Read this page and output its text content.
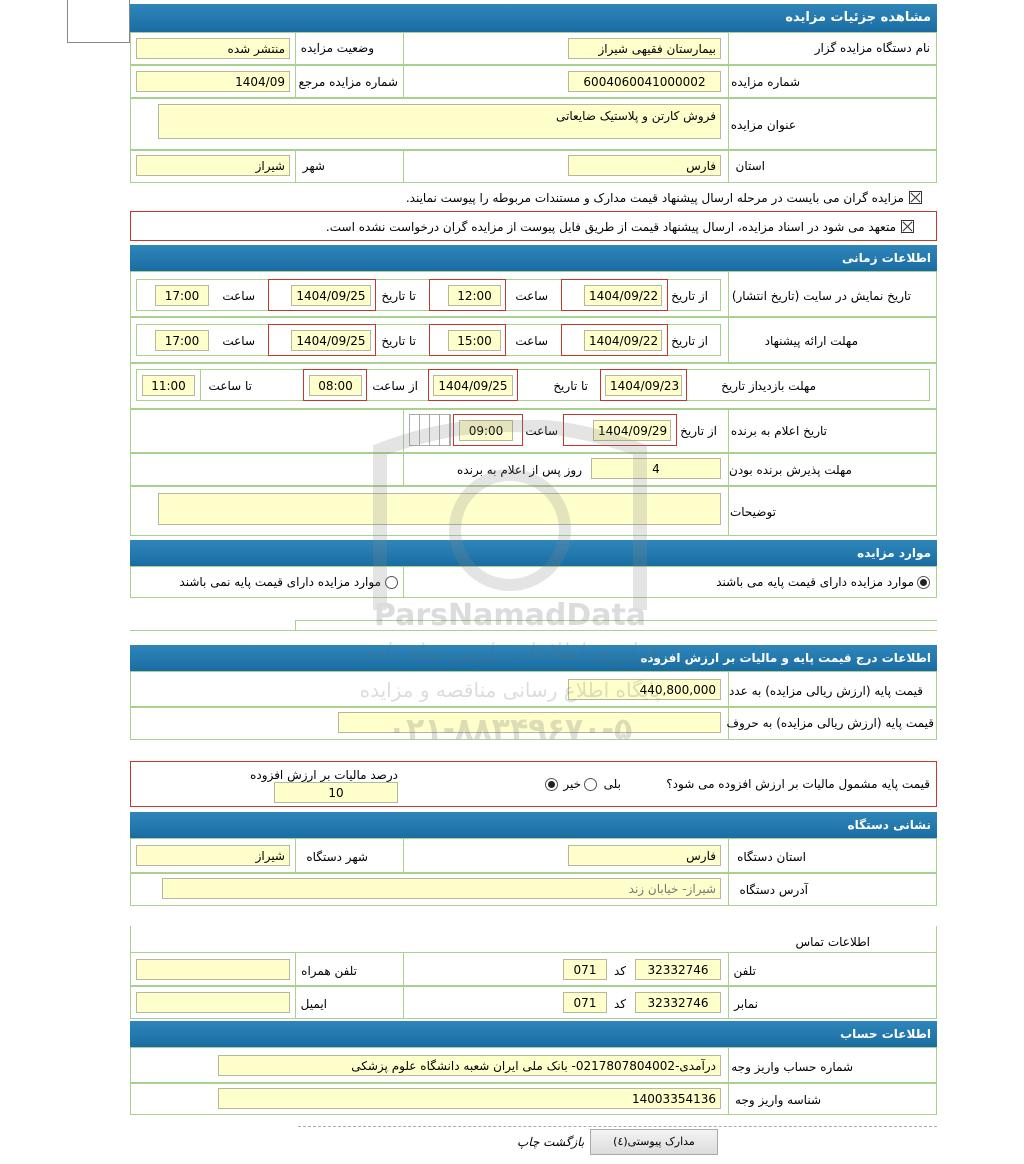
مشاهده جزئیات مزایده
نام دستگاه مزایده گزار
بیمارستان فقیهی شیراز
وضعیت مزایده
منتشر شده
شماره مزایده
6004060041000002
شماره مزایده مرجع
1404/09
عنوان مزایده
فروش کارتن و پلاستیک ضایعاتی
استان
فارس
شهر
شیراز
مزایده گران می بایست در مرحله ارسال پیشنهاد قیمت مدارک و مستندات مربوطه را پیوست نمایند.
متعهد می شود در اسناد مزایده، ارسال پیشنهاد قیمت از طریق فایل پیوست از مزایده گران درخواست نشده است.
اطلاعات زمانی
تاریخ نمایش در سایت (تاریخ انتشار)
از تاریخ
1404/09/22
ساعت
12:00
تا تاریخ
1404/09/25
ساعت
17:00
مهلت ارائه پیشنهاد
از تاریخ
1404/09/22
ساعت
15:00
تا تاریخ
1404/09/25
ساعت
17:00
مهلت بازدید
از تاریخ
1404/09/23
تا تاریخ
1404/09/25
از ساعت
08:00
تا ساعت
11:00
تاریخ اعلام به برنده
از تاریخ
1404/09/29
ساعت
09:00
مهلت پذیرش برنده بودن
4
روز پس از اعلام به برنده
توضیحات
موارد مزایده
موارد مزایده دارای قیمت پایه می باشند
موارد مزایده دارای قیمت پایه نمی باشند
اطلاعات درج قیمت پایه و مالیات بر ارزش افزوده
قیمت پایه (ارزش ریالی مزایده) به عدد
440,800,000
قیمت پایه (ارزش ریالی مزایده) به حروف
قیمت پایه مشمول مالیات بر ارزش افزوده می شود؟
بلی
خیر
درصد مالیات بر ارزش افزوده
10
نشانی دستگاه
استان دستگاه
فارس
شهر دستگاه
شیراز
آدرس دستگاه
شیراز- خیابان زند
اطلاعات تماس
تلفن
32332746
کد
071
تلفن همراه
نمابر
32332746
کد
071
ایمیل
اطلاعات حساب
شماره حساب واریز وجه
درآمدی-0217807804002- بانک ملی ایران شعبه دانشگاه علوم پزشکی
شناسه واریز وجه
14003354136
مدارک پیوستی(٤)
بازگشت چاپ
ParsNamadData
فراوری اطلاعات پارس نماد داده
پایگاه اطلاع رسانی مناقصه و مزایده
۰۲۱-۸۸۳۴۹۶۷۰-۵
